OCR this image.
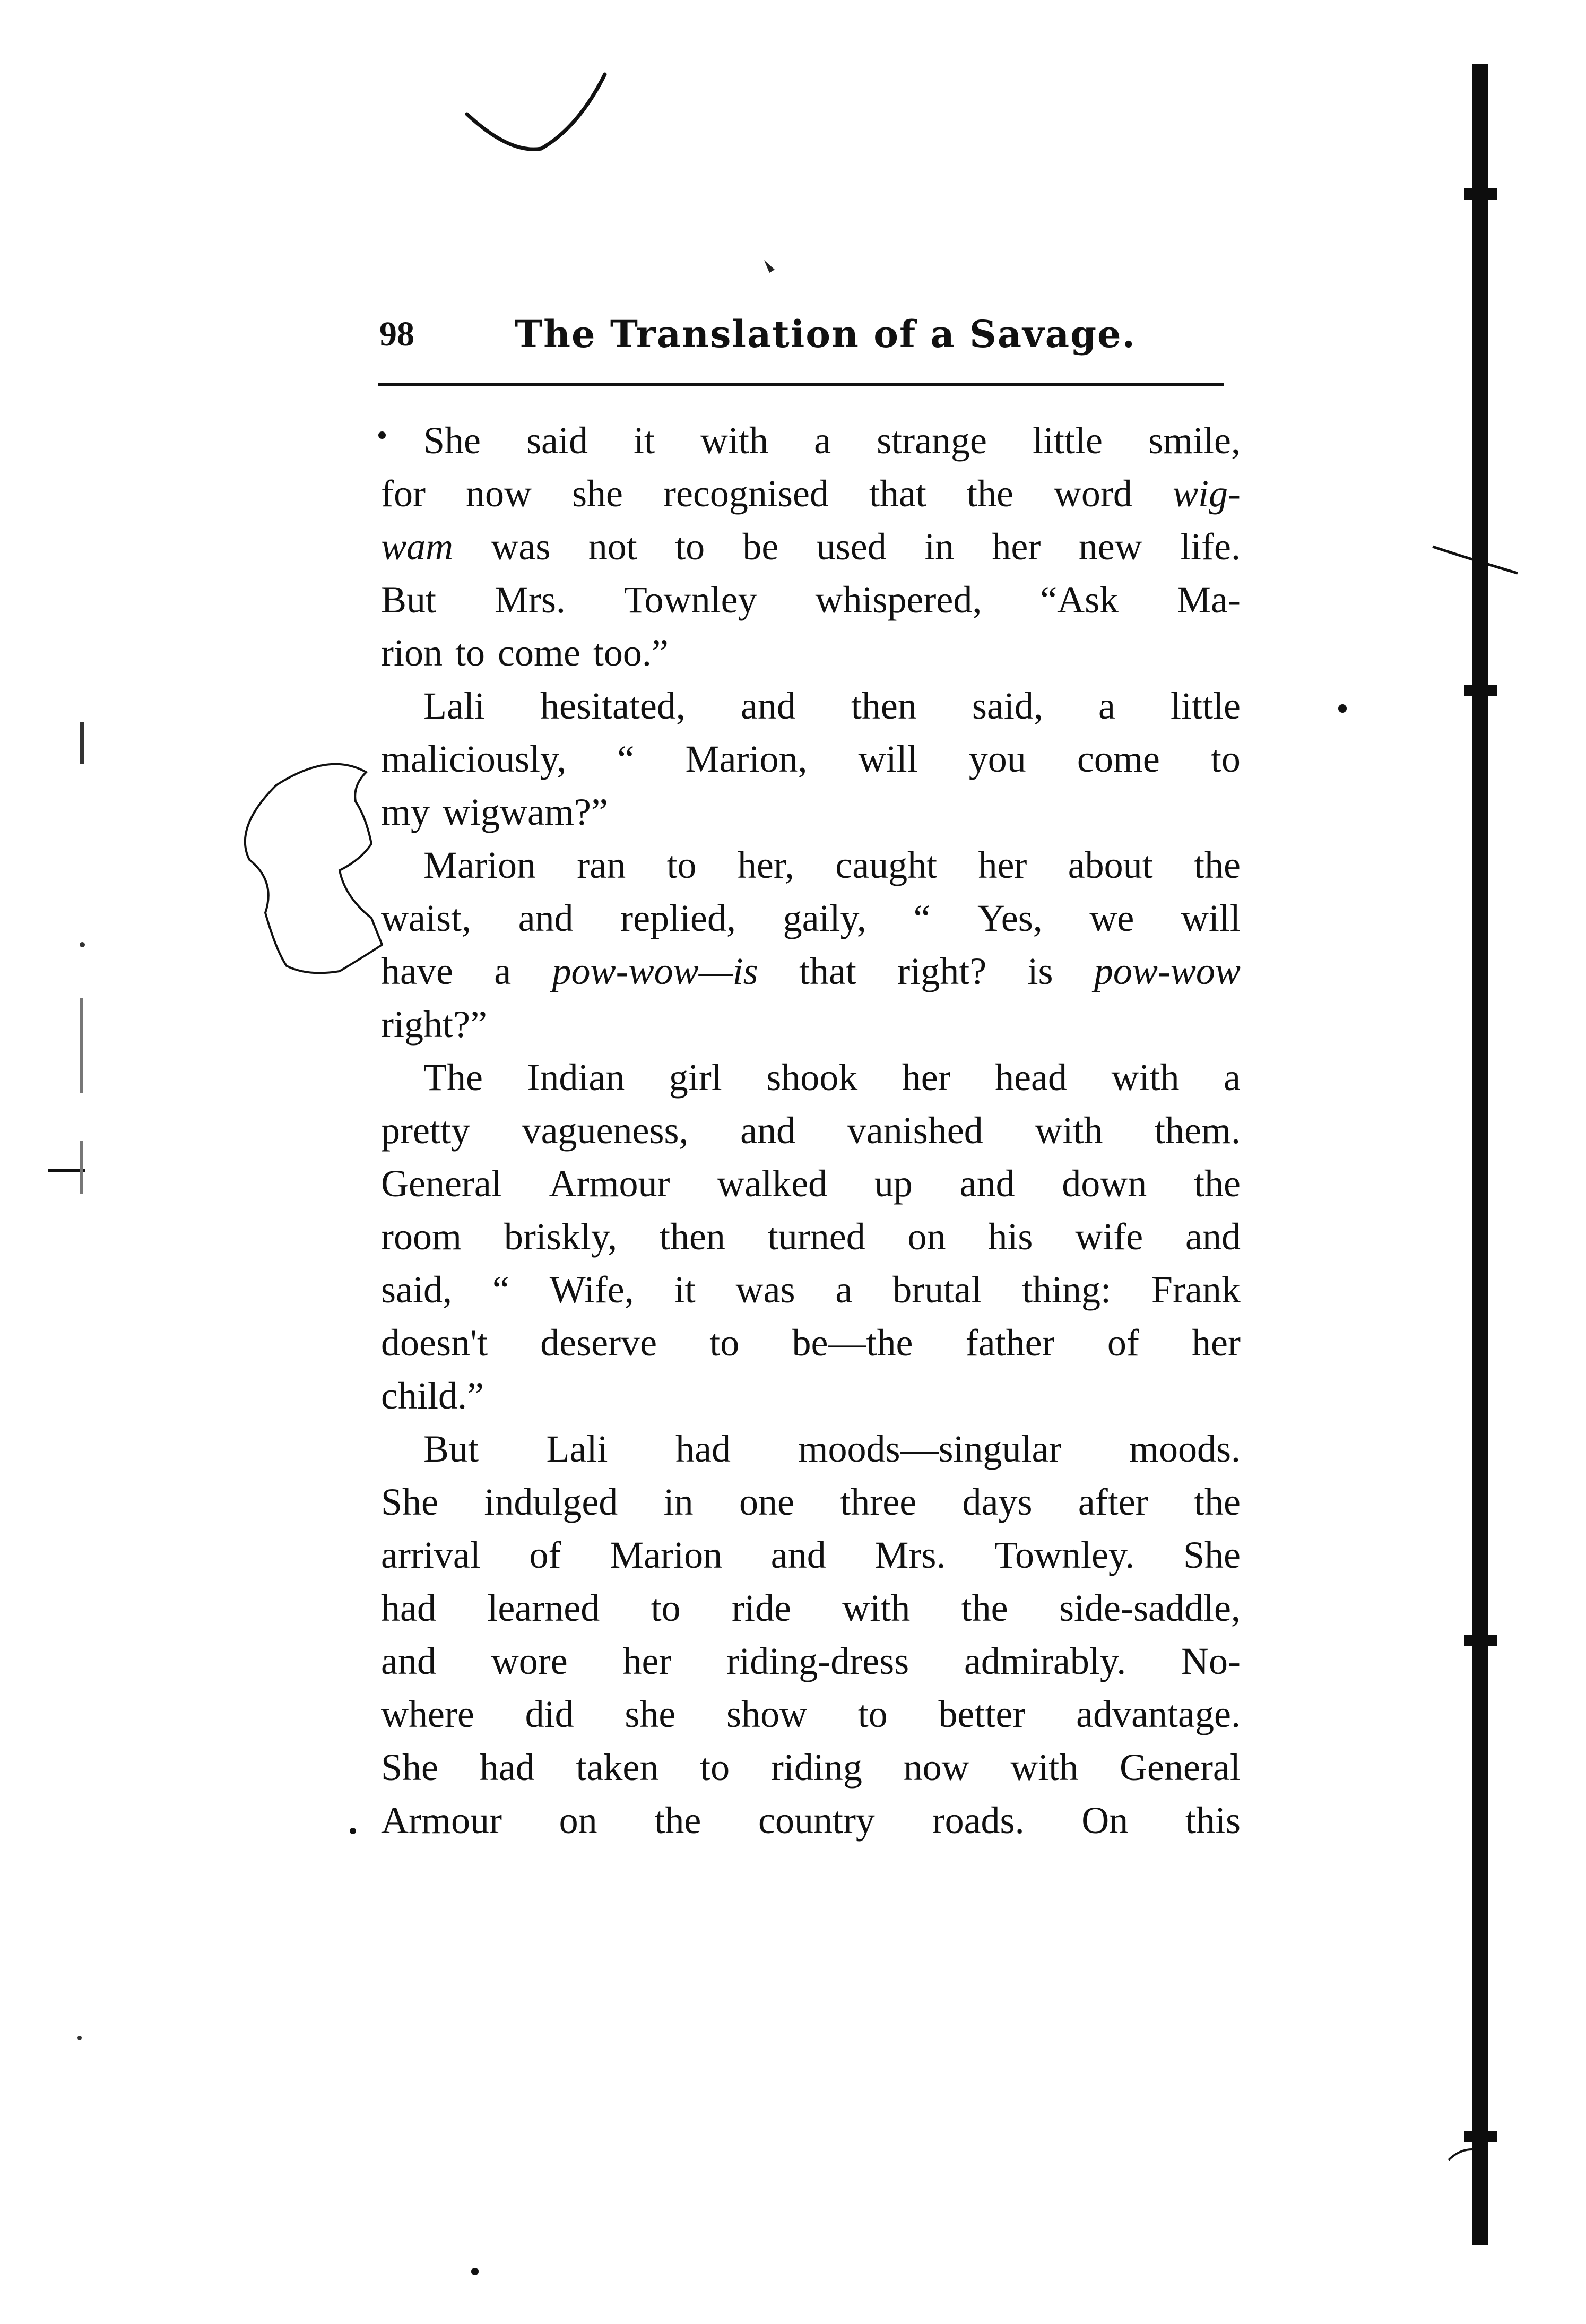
98	The Translation of a Savage.
She said it with a strange little smile,
for now she recognised that the word wig-
wam was not to be used in her new life.
But Mrs. Townley whispered, “Ask Ma-
rion to come too.”
Lali hesitated, and then said, a little
maliciously, “ Marion, will you come to
my wigwam?”
Marion ran to her, caught her about the
waist, and replied, gaily, “ Yes, we will
have a pow-wow—is that right? is pow-wow
right?”
The Indian girl shook her head with a
pretty vagueness, and vanished with them.
General Armour walked up and down the
room briskly, then turned on his wife and
said, “ Wife, it was a brutal thing: Frank
doesn't deserve to be—the father of her
child.”
But Lali had moods—singular moods.
She indulged in one three days after the
arrival of Marion and Mrs. Townley. She
had learned to ride with the side-saddle,
and wore her riding-dress admirably. No-
where did she show to better advantage.
She had taken to riding now with General
Armour on the country roads. On this
